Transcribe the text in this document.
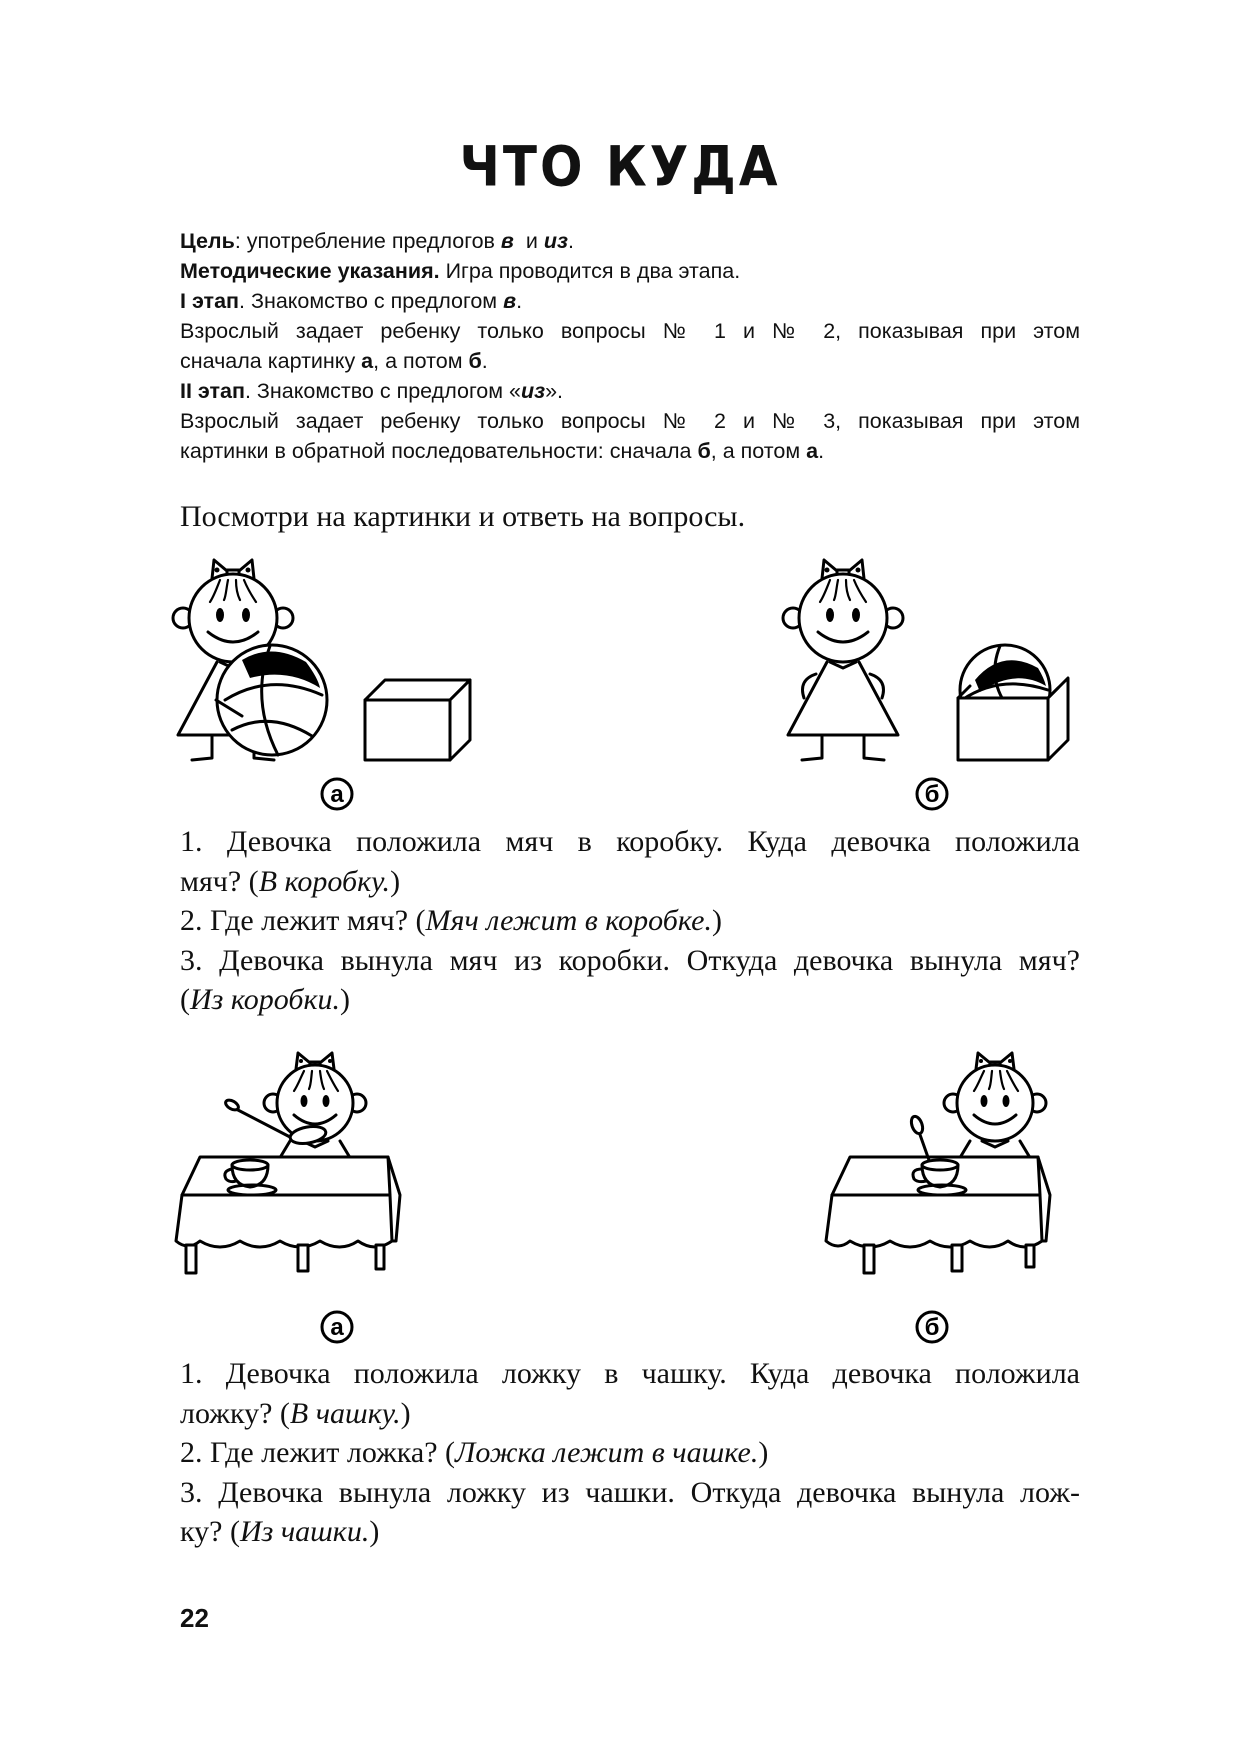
ЧТО КУДА

Цель: употребление предлогов в  и из.

Методические указания. Игра проводится в два этапа.

I этап. Знакомство с предлогом в.

Взрослый задает ребенку только вопросы № 1 и № 2, показывая при этом

сначала картинку а, а потом б.

II этап. Знакомство с предлогом «из».

Взрослый задает ребенку только вопросы № 2 и № 3, показывая при этом

картинки в обратной последовательности: сначала б, а потом а.

Посмотри на картинки и ответь на вопросы.
а	б

1. Девочка положила мяч в коробку. Куда девочка положила

мяч? (В коробку.)

2. Где лежит мяч? (Мяч лежит в коробке.)

3. Девочка вынула мяч из коробки. Откуда девочка вынула мяч?

(Из коробки.)

а	б

1. Девочка положила ложку в чашку. Куда девочка положила

ложку? (В чашку.)

2. Где лежит ложка? (Ложка лежит в чашке.)

3. Девочка вынула ложку из чашки. Откуда девочка вынула лож-

ку? (Из чашки.)

22
